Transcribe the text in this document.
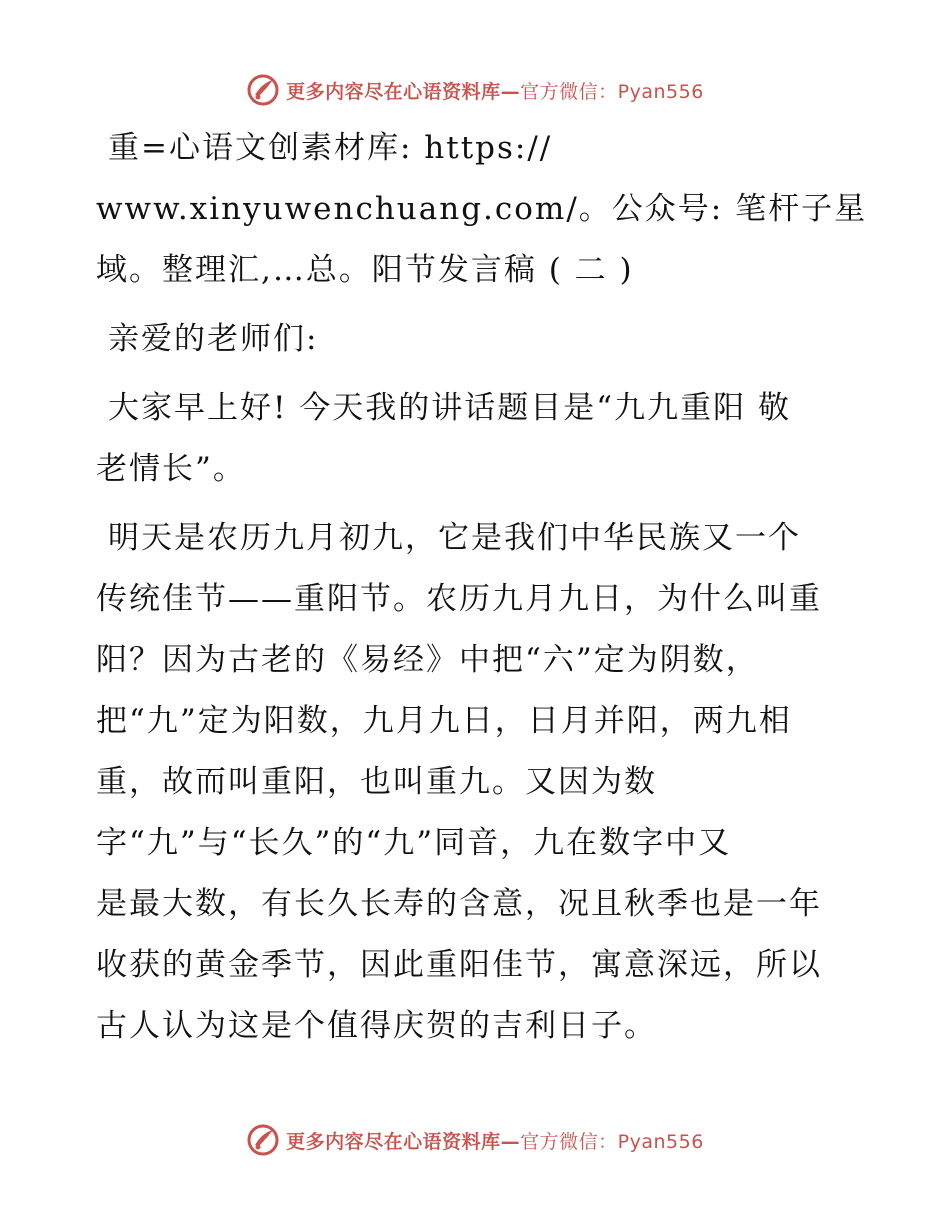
更多内容尽在心语资料库—官方微信：Pyan556

重=心语文创素材库: https://
www.xinyuwenchuang.com/。公众号: 笔杆子星
域。整理汇,…总。阳节发言稿 ( 二 )

亲爱的老师们:

大家早上好! 今天我的讲话题目是“九九重阳 敬
老情长”。

明天是农历九月初九，它是我们中华民族又一个
传统佳节——重阳节。农历九月九日，为什么叫重
阳？因为古老的《易经》中把“六”定为阴数，
把“九”定为阳数，九月九日，日月并阳，两九相
重，故而叫重阳，也叫重九。又因为数
字“九”与“长久”的“九”同音，九在数字中又
是最大数，有长久长寿的含意，况且秋季也是一年
收获的黄金季节，因此重阳佳节，寓意深远，所以
古人认为这是个值得庆贺的吉利日子。

更多内容尽在心语资料库—官方微信：Pyan556
